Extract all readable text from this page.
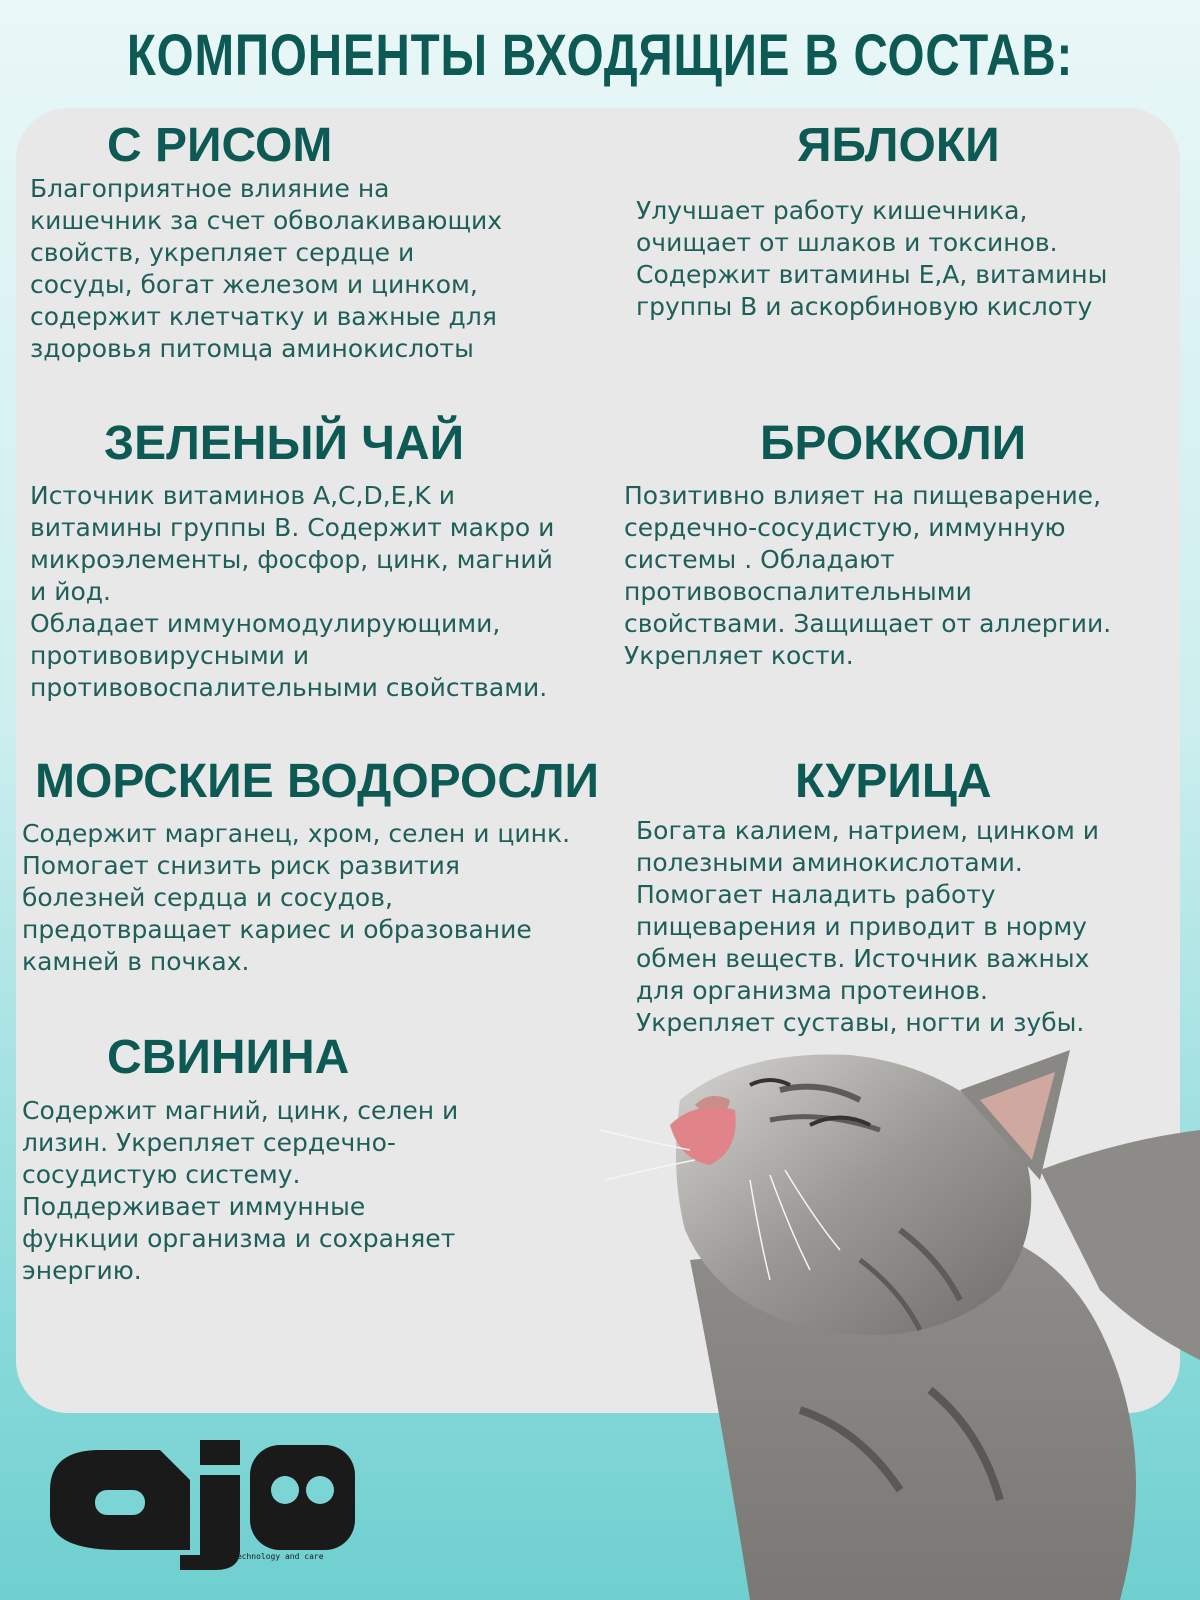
КОМПОНЕНТЫ ВХОДЯЩИЕ В СОСТАВ:
С РИСОМ
Благоприятное влияние на
кишечник за счет обволакивающих
свойств, укрепляет сердце и
сосуды, богат железом и цинком,
содержит клетчатку и важные для
здоровья питомца аминокислоты
ЯБЛОКИ
Улучшает работу кишечника,
очищает от шлаков и токсинов.
Содержит витамины Е,А, витамины
группы В и аскорбиновую кислоту
ЗЕЛЕНЫЙ ЧАЙ
Источник витаминов A,C,D,E,K и
витамины группы В. Содержит макро и
микроэлементы, фосфор, цинк, магний
и йод.
Обладает иммуномодулирующими,
противовирусными и
противовоспалительными свойствами.
БРОККОЛИ
Позитивно влияет на пищеварение,
сердечно-сосудистую, иммунную
системы . Обладают
противовоспалительными
свойствами. Защищает от аллергии.
Укрепляет кости.
МОРСКИЕ ВОДОРОСЛИ
Содержит марганец, хром, селен и цинк.
Помогает снизить риск развития
болезней сердца и сосудов,
предотвращает кариес и образование
камней в почках.
КУРИЦА
Богата калием, натрием, цинком и
полезными аминокислотами.
Помогает наладить работу
пищеварения и приводит в норму
обмен веществ. Источник важных
для организма протеинов.
Укрепляет суставы, ногти и зубы.
СВИНИНА
Содержит магний, цинк, селен и
лизин. Укрепляет сердечно-
сосудистую систему.
Поддерживает иммунные
функции организма и сохраняет
энергию.
technology and care
